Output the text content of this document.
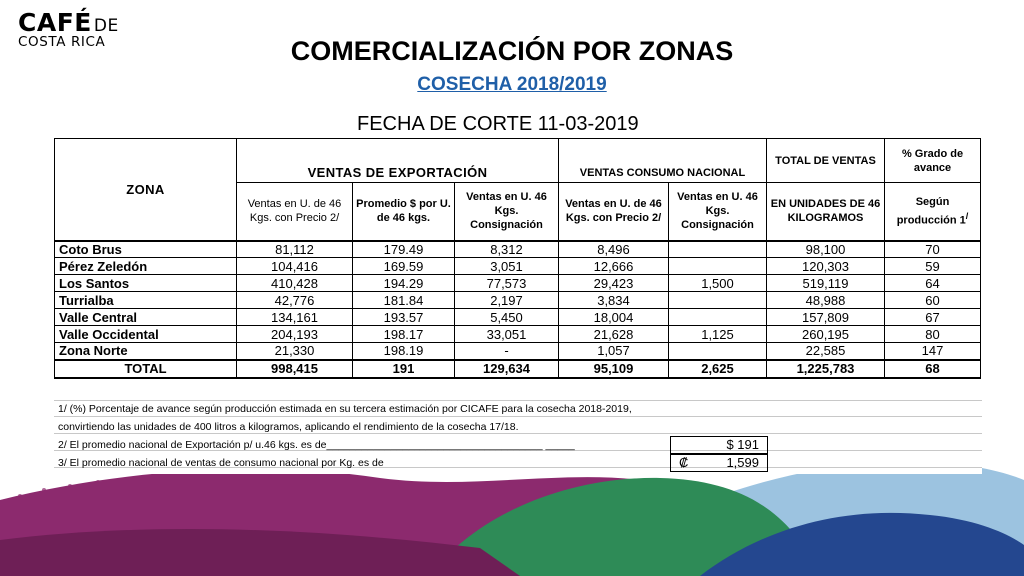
CAFÉ DE
COSTA RICA	COMERCIALIZACIÓN POR ZONAS
COSECHA 2018/2019
FECHA DE CORTE 11-03-2019
ZONA	VENTAS DE EXPORTACIÓN			VENTAS CONSUMO NACIONAL		TOTAL DE VENTAS	% Grado de avance
	Ventas en U. de 46 Kgs. con Precio 2/	Promedio $ por U. de 46 kgs.	Ventas en U. 46 Kgs. Consignación	Ventas en U. de 46 Kgs. con Precio 2/	Ventas en U. 46 Kgs. Consignación	EN UNIDADES DE 46 KILOGRAMOS	Según producción 1/
Coto Brus	81,112	179.49	8,312	8,496		98,100	70
Pérez Zeledón	104,416	169.59	3,051	12,666		120,303	59
Los Santos	410,428	194.29	77,573	29,423	1,500	519,119	64
Turrialba	42,776	181.84	2,197	3,834		48,988	60
Valle Central	134,161	193.57	5,450	18,004		157,809	67
Valle Occidental	204,193	198.17	33,051	21,628	1,125	260,195	80
Zona Norte	21,330	198.19	-	1,057		22,585	147
TOTAL	998,415	191	129,634	95,109	2,625	1,225,783	68
1/ (%) Porcentaje de avance según producción estimada en su tercera estimación por CICAFE para la cosecha 2018-2019,
convirtiendo las unidades de 400 litros a kilogramos, aplicando el rendimiento de la cosecha 17/18.
2/ El promedio nacional de Exportación p/ u.46 kgs. es de_____________________________________ _____	$ 191
3/ El promedio nacional de ventas de consumo nacional por Kg. es de	₡	1,599
